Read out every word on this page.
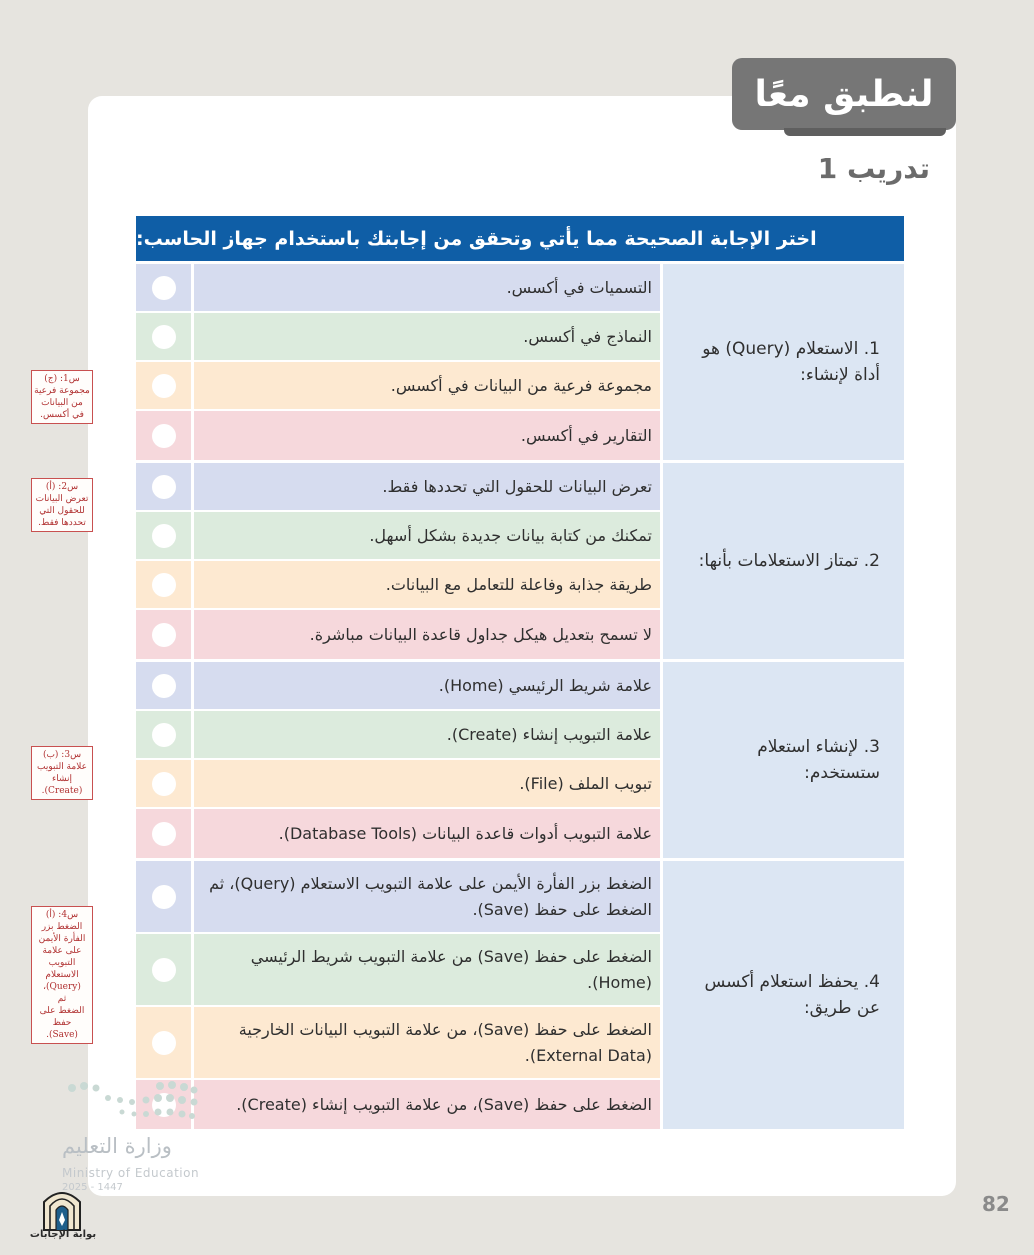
لنطبق معًا
تدريب 1
اختر الإجابة الصحيحة مما يأتي وتحقق من إجابتك باستخدام جهاز الحاسب:
التسميات في أكسس.
النماذج في أكسس.
مجموعة فرعية من البيانات في أكسس.
التقارير في أكسس.
1. الاستعلام (Query) هو أداة لإنشاء:
تعرض البيانات للحقول التي تحددها فقط.
تمكنك من كتابة بيانات جديدة بشكل أسهل.
طريقة جذابة وفاعلة للتعامل مع البيانات.
لا تسمح بتعديل هيكل جداول قاعدة البيانات مباشرة.
2. تمتاز الاستعلامات بأنها:
علامة شريط الرئيسي (Home).
علامة التبويب إنشاء (Create).
تبويب الملف (File).
علامة التبويب أدوات قاعدة البيانات (Database Tools).
3. لإنشاء استعلام ستستخدم:
الضغط بزر الفأرة الأيمن على علامة التبويب الاستعلام (Query)، ثم الضغط على حفظ (Save).
الضغط على حفظ (Save) من علامة التبويب شريط الرئيسي (Home).
الضغط على حفظ (Save)، من علامة التبويب البيانات الخارجية (External Data).
الضغط على حفظ (Save)، من علامة التبويب إنشاء (Create).
4. يحفظ استعلام أكسس عن طريق:
س1: (ج)
مجموعة فرعية
من البيانات
في أكسس.
س2: (أ)
تعرض البيانات
للحقول التي
تحددها فقط.
س3: (ب)
علامة التبويب
إنشاء
(Create).
س4: (أ)
الضغط بزر
الفأرة الأيمن
على علامة
التبويب
الاستعلام
(Query)،
ثم
الضغط على
حفظ
(Save).
وزارة التعليم
Ministry of Education
2025 - 1447
بوابة الإجابات
82
